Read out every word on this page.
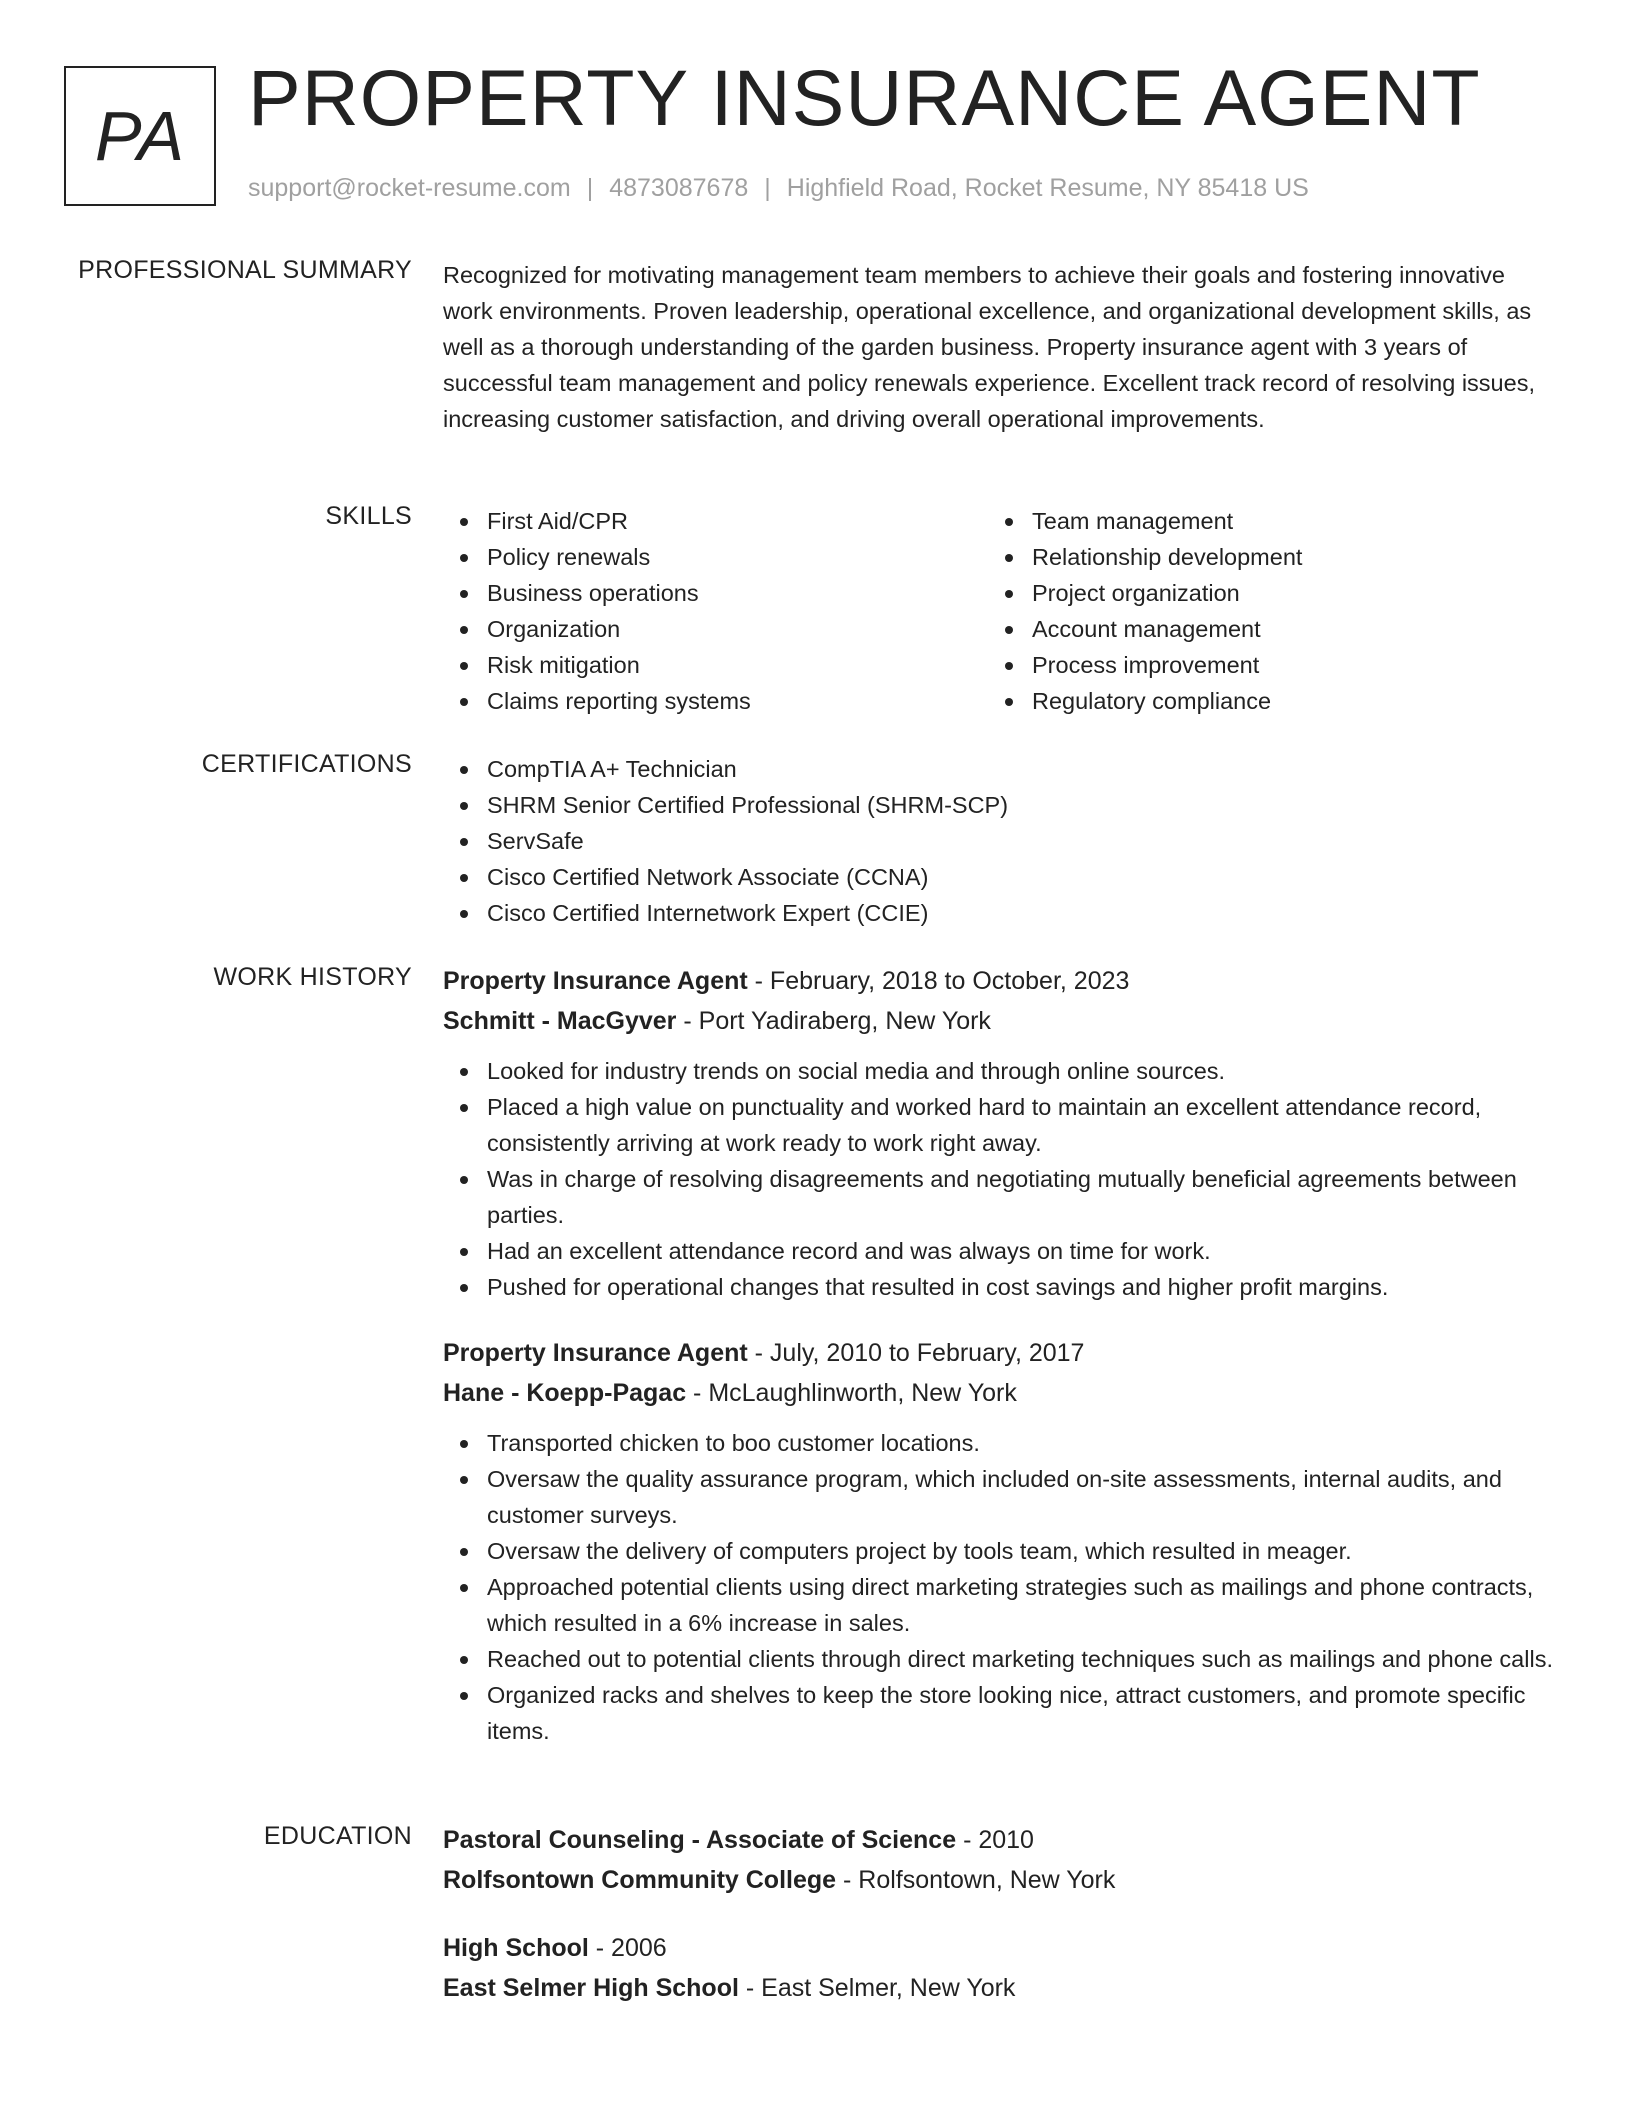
PA PROPERTY INSURANCE AGENT
support@rocket-resume.com | 4873087678 | Highfield Road, Rocket Resume, NY 85418 US
PROFESSIONAL SUMMARY Recognized for motivating management team members to achieve their goals and fostering innovative work environments. Proven leadership, operational excellence, and organizational development skills, as well as a thorough understanding of the garden business. Property insurance agent with 3 years of successful team management and policy renewals experience. Excellent track record of resolving issues, increasing customer satisfaction, and driving overall operational improvements.
SKILLS	First Aid/CPR
Policy renewals
Business operations
Organization
Risk mitigation
Claims reporting systems
Team management
Relationship development
Project organization
Account management
Process improvement
Regulatory compliance
CERTIFICATIONS	CompTIA A+ Technician
SHRM Senior Certified Professional (SHRM-SCP)
ServSafe
Cisco Certified Network Associate (CCNA)
Cisco Certified Internetwork Expert (CCIE)
WORK HISTORY Property Insurance Agent - February, 2018 to October, 2023
Schmitt - MacGyver - Port Yadiraberg, New York
Looked for industry trends on social media and through online sources.
Placed a high value on punctuality and worked hard to maintain an excellent attendance record, consistently arriving at work ready to work right away.
Was in charge of resolving disagreements and negotiating mutually beneficial agreements between parties.
Had an excellent attendance record and was always on time for work.
Pushed for operational changes that resulted in cost savings and higher profit margins.
Property Insurance Agent - July, 2010 to February, 2017
Hane - Koepp-Pagac - McLaughlinworth, New York
Transported chicken to boo customer locations.
Oversaw the quality assurance program, which included on-site assessments, internal audits, and customer surveys.
Oversaw the delivery of computers project by tools team, which resulted in meager.
Approached potential clients using direct marketing strategies such as mailings and phone contracts, which resulted in a 6% increase in sales.
Reached out to potential clients through direct marketing techniques such as mailings and phone calls.
Organized racks and shelves to keep the store looking nice, attract customers, and promote specific items.
EDUCATION Pastoral Counseling - Associate of Science - 2010
Rolfsontown Community College - Rolfsontown, New York
High School - 2006
East Selmer High School - East Selmer, New York
